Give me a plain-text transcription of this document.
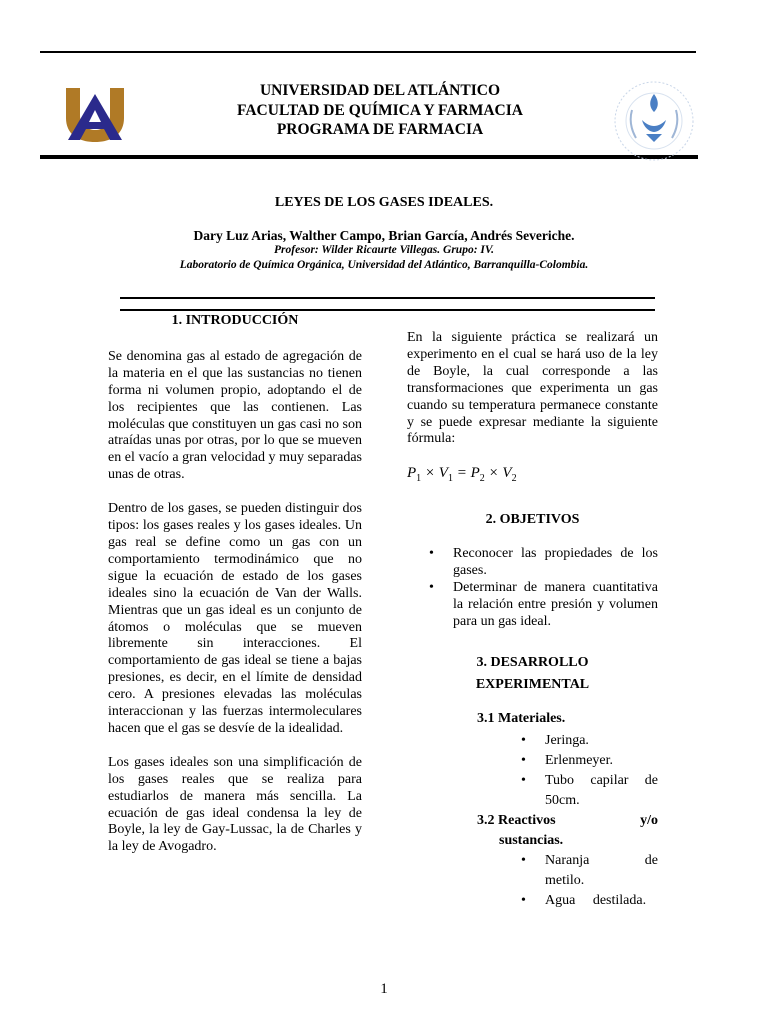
UNIVERSIDAD DEL ATLÁNTICO
FACULTAD DE QUÍMICA Y FARMACIA
PROGRAMA DE FARMACIA
LEYES DE LOS GASES IDEALES.
Dary Luz Arias, Walther Campo, Brian García, Andrés Severiche.
Profesor: Wilder Ricaurte Villegas. Grupo: IV.
Laboratorio de Química Orgánica, Universidad del Atlántico, Barranquilla-Colombia.
1. INTRODUCCIÓN

Se denomina gas al estado de agregación de la materia en el que las sustancias no tienen forma ni volumen propio, adoptando el de los recipientes que las contienen. Las moléculas que constituyen un gas casi no son atraídas unas por otras, por lo que se mueven en el vacío a gran velocidad y muy separadas unas de otras.

Dentro de los gases, se pueden distinguir dos tipos: los gases reales y los gases ideales. Un gas real se define como un gas con un comportamiento termodinámico que no sigue la ecuación de estado de los gases ideales sino la ecuación de Van der Walls. Mientras que un gas ideal es un conjunto de átomos o moléculas que se mueven libremente sin interacciones. El comportamiento de gas ideal se tiene a bajas presiones, es decir, en el límite de densidad cero. A presiones elevadas las moléculas interaccionan y las fuerzas intermoleculares hacen que el gas se desvíe de la idealidad.

Los gases ideales son una simplificación de los gases reales que se realiza para estudiarlos de manera más sencilla. La ecuación de gas ideal condensa la ley de Boyle, la ley de Gay-Lussac, la de Charles y la ley de Avogadro.

En la siguiente práctica se realizará un experimento en el cual se hará uso de la ley de Boyle, la cual corresponde a las transformaciones que experimenta un gas cuando su temperatura permanece constante y se puede expresar mediante la siguiente fórmula:

$P_1 \times V_1 = P_2 \times V_2$

2. OBJETIVOS
• Reconocer las propiedades de los gases.
• Determinar de manera cuantitativa la relación entre presión y volumen para un gas ideal.
3. DESARROLLO
EXPERIMENTAL
3.1 Materiales.
• Jeringa.
• Erlenmeyer.
• Tubo capilar de 50cm.
3.2 Reactivos	y/o
sustancias.
• Naranja de metilo.
• Agua destilada.
1
